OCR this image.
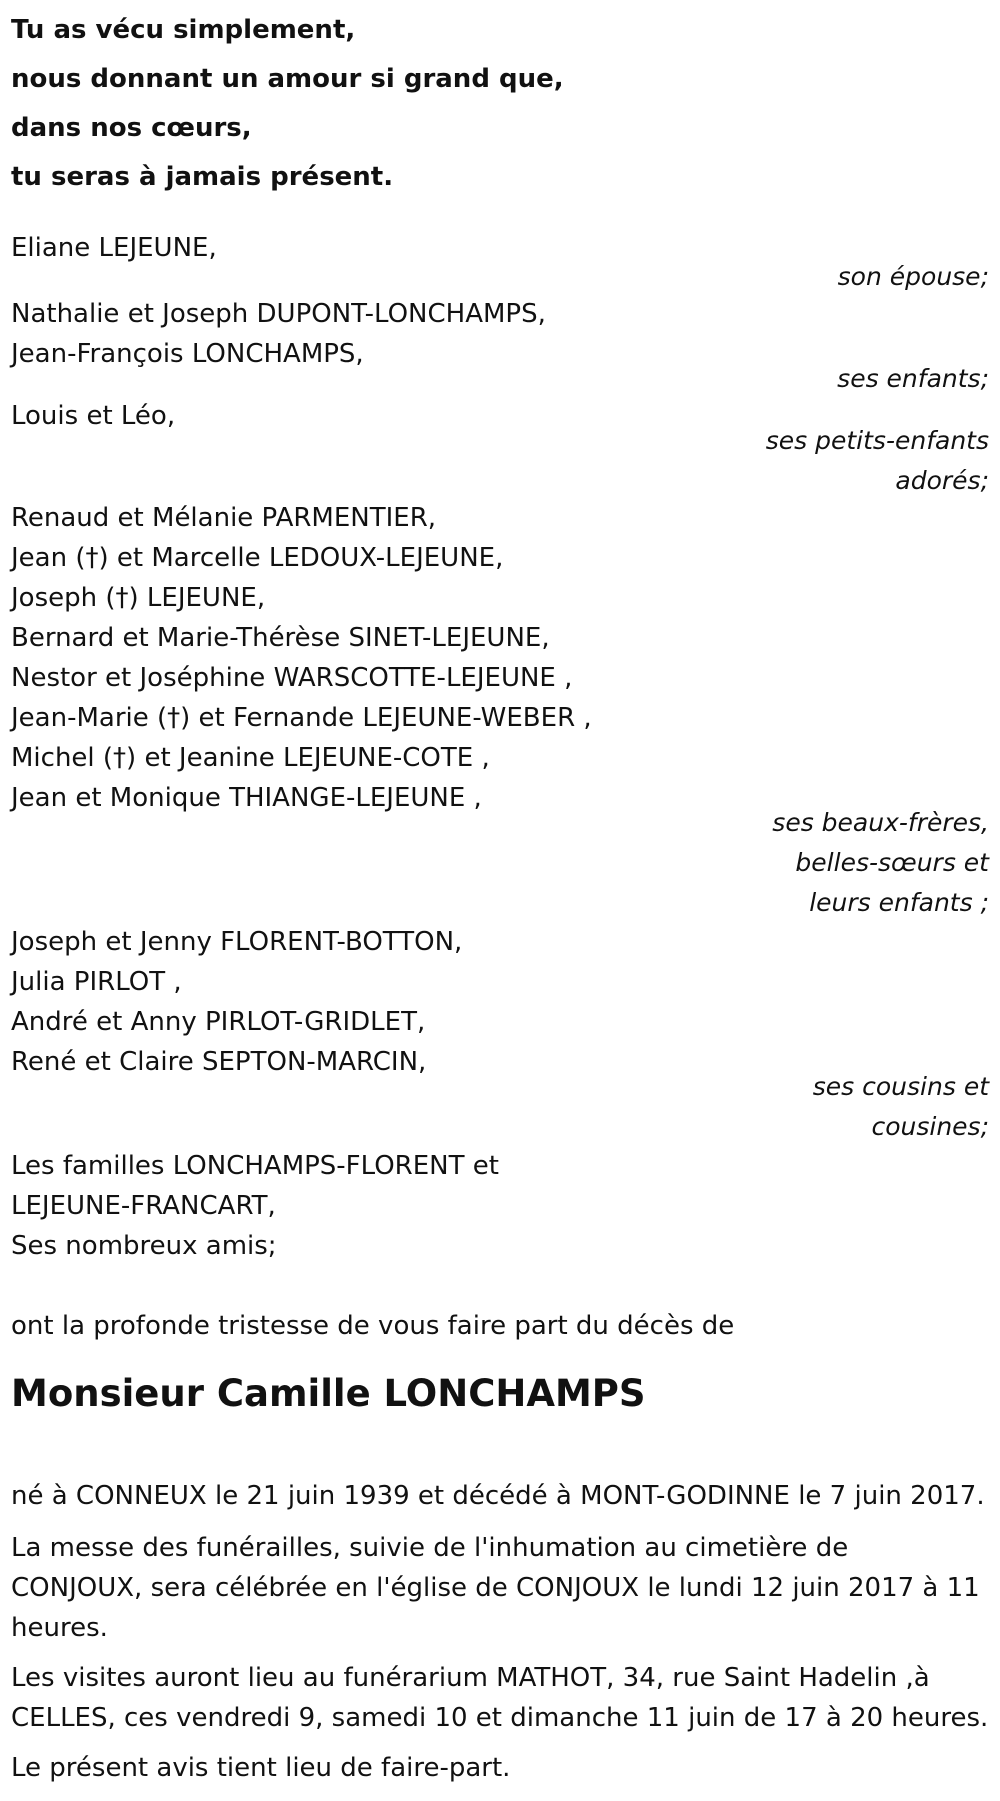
Tu as vécu simplement,
nous donnant un amour si grand que,
dans nos cœurs,
tu seras à jamais présent.
Eliane LEJEUNE,
son épouse;
Nathalie et Joseph DUPONT-LONCHAMPS,
Jean-François LONCHAMPS,
ses enfants;
Louis et Léo,
ses petits-enfants
adorés;
Renaud et Mélanie PARMENTIER,
Jean (†) et Marcelle LEDOUX-LEJEUNE,
Joseph (†) LEJEUNE,
Bernard et Marie-Thérèse SINET-LEJEUNE,
Nestor et Joséphine WARSCOTTE-LEJEUNE ,
Jean-Marie (†) et Fernande LEJEUNE-WEBER ,
Michel (†) et Jeanine LEJEUNE-COTE ,
Jean et Monique THIANGE-LEJEUNE ,
ses beaux-frères,
belles-sœurs et
leurs enfants ;
Joseph et Jenny FLORENT-BOTTON,
Julia PIRLOT ,
André et Anny PIRLOT-GRIDLET,
René et Claire SEPTON-MARCIN,
ses cousins et
cousines;
Les familles LONCHAMPS-FLORENT et
LEJEUNE-FRANCART,
Ses nombreux amis;
ont la profonde tristesse de vous faire part du décès de
Monsieur Camille LONCHAMPS
né à CONNEUX le 21 juin 1939 et décédé à MONT-GODINNE le 7 juin 2017.
La messe des funérailles, suivie de l'inhumation au cimetière de
CONJOUX, sera célébrée en l'église de CONJOUX le lundi 12 juin 2017 à 11
heures.
Les visites auront lieu au funérarium MATHOT, 34, rue Saint Hadelin ,à
CELLES, ces vendredi 9, samedi 10 et dimanche 11 juin de 17 à 20 heures.
Le présent avis tient lieu de faire-part.
